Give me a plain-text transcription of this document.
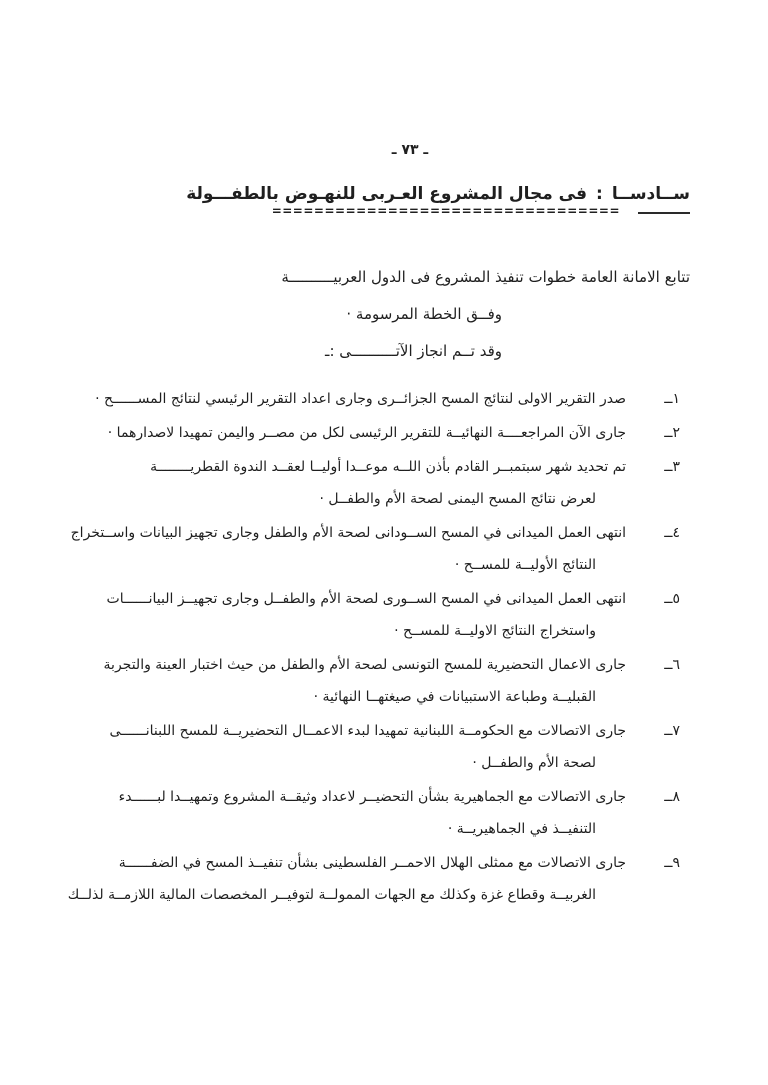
ـ ٧٣ ـ
ســادســا:فى مجال المشروع العـربى للنهـوض بالطفـــولة
=================================
تتابع الامانة العامة خطوات تنفيذ المشروع فى الدول العربيــــــــــة
وفــق الخطة المرسومة ·
وقد تــم انجاز الآتــــــــــى :ـ
١ــ
صدر التقرير الاولى لنتائج المسح الجزائــرى وجارى اعداد التقرير الرئيسي لنتائج المســــــح ·
٢ــ
جارى الآن المراجعــــة النهائيــة للتقرير الرئيسى لكل من مصــر واليمن تمهيدا لاصدارهما ·
٣ــ
تم تحديد شهر سبتمبــر القادم بأذن اللــه موعــدا أوليــا لعقــد الندوة القطريــــــــة
لعرض نتائج المسح اليمنى لصحة الأم والطفــل ·
٤ــ
انتهى العمل الميدانى في المسح الســودانى لصحة الأم والطفل وجارى تجهيز البيانات واســتخراج
النتائج الأوليــة للمســح ·
٥ــ
انتهى العمل الميدانى في المسح الســورى لصحة الأم والطفــل وجارى تجهيــز البيانــــــات
واستخراج النتائج الاوليــة للمســح ·
٦ــ
جارى الاعمال التحضيرية للمسح التونسى لصحة الأم والطفل من حيث اختبار العينة والتجربة
القبليــة وطباعة الاستبيانات في صيغتهــا النهائية ·
٧ــ
جارى الاتصالات مع الحكومــة اللبنانية تمهيدا لبدء الاعمــال التحضيريــة للمسح اللبنانــــــى
لصحة الأم والطفــل ·
٨ــ
جارى الاتصالات مع الجماهيرية بشأن التحضيــر لاعداد وثيقــة المشروع وتمهيــدا لبــــــدء
التنفيــذ في الجماهيريــة ·
٩ــ
جارى الاتصالات مع ممثلى الهلال الاحمــر الفلسطينى بشأن تنفيــذ المسح في الضفــــــة
الغربيــة وقطاع غزة وكذلك مع الجهات الممولــة لتوفيــر المخصصات المالية اللازمــة لذلــك
